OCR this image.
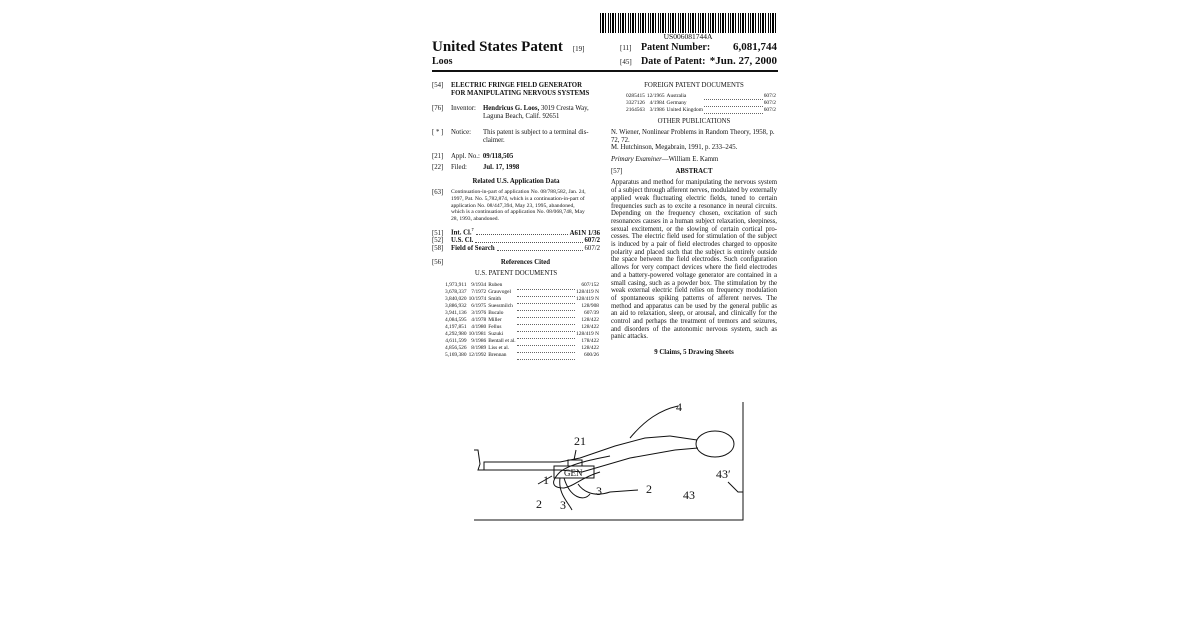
US006081744A
United States Patent [19]
Loos
[11] Patent Number:	6,081,744
[45] Date of Patent: *Jun. 27, 2000
[54]	ELECTRIC FRINGE FIELD GENERATOR
FOR MANIPULATING NERVOUS SYSTEMS
[76]	Inventor:	Hendricus G. Loos, 3019 Cresta Way,
Laguna Beach, Calif. 92651
[ * ]	Notice:	This patent is subject to a terminal dis-
claimer.
[21]	Appl. No.: 09/118,505
[22]	Filed:	Jul. 17, 1998
Related U.S. Application Data
[63]	Continuation-in-part of application No. 08/788,582, Jan. 24,
1997, Pat. No. 5,782,874, which is a continuation-in-part of
application No. 08/447,394, May 23, 1995, abandoned,
which is a continuation of application No. 08/068,748, May
28, 1993, abandoned.
[51]	Int. Cl.$^7$	A61N 1/36
[52]	U.S. Cl.	607/2
[58]	Field of Search	607/2
[56]	References Cited
U.S. PATENT DOCUMENTS
1,973,911	9/1934	Ruben		607/152
3,678,337	7/1972	Grauvogel		128/419 N
3,840,020	10/1974	Smith		128/419 N
3,886,932	6/1975	Suessmilch		128/908
3,941,136	3/1976	Bucalo		607/39
4,084,595	4/1978	Miller		128/422
4,197,851	4/1980	Fellus		128/422
4,292,980	10/1981	Suzuki		128/419 N
4,611,599	9/1986	Bentall et al.		178/422
4,856,526	8/1989	Liss et al.		128/422
5,169,380	12/1992	Brennan		600/26
FOREIGN PATENT DOCUMENTS
0285415	12/1965	Australia		607/2
3327126	4/1984	Germany		607/2
2164563	3/1986	United Kingdom		607/2
OTHER PUBLICATIONS
N. Wiener, Nonlinear Problems in Random Theory, 1958, p.
72, 72.
M. Hutchinson, Megabrain, 1991, p. 233–245.
Primary Examiner—William E. Kamm
[57]	ABSTRACT
Apparatus and method for manipulating the nervous system
of a subject through afferent nerves, modulated by externally
applied weak fluctuating electric fields, tuned to certain
frequencies such as to excite a resonance in neural circuits.
Depending on the frequency chosen, excitation of such
resonances causes in a human subject relaxation, sleepiness,
sexual excitement, or the slowing of certain cortical pro-
cesses. The electric field used for stimulation of the subject
is induced by a pair of field electrodes charged to opposite
polarity and placed such that the subject is entirely outside
the space between the field electrodes. Such configuration
allows for very compact devices where the field electrodes
and a battery-powered voltage generator are contained in a
small casing, such as a powder box. The stimulation by the
weak external electric field relies on frequency modulation
of spontaneous spiking patterns of afferent nerves. The
method and apparatus can be used by the general public as
an aid to relaxation, sleep, or arousal, and clinically for the
control and perhaps the treatment of tremors and seizures,
and disorders of the autonomic nervous system, such as
panic attacks.
9 Claims, 5 Drawing Sheets
4
21
GEN
1
3	2	43
43′
2 3
